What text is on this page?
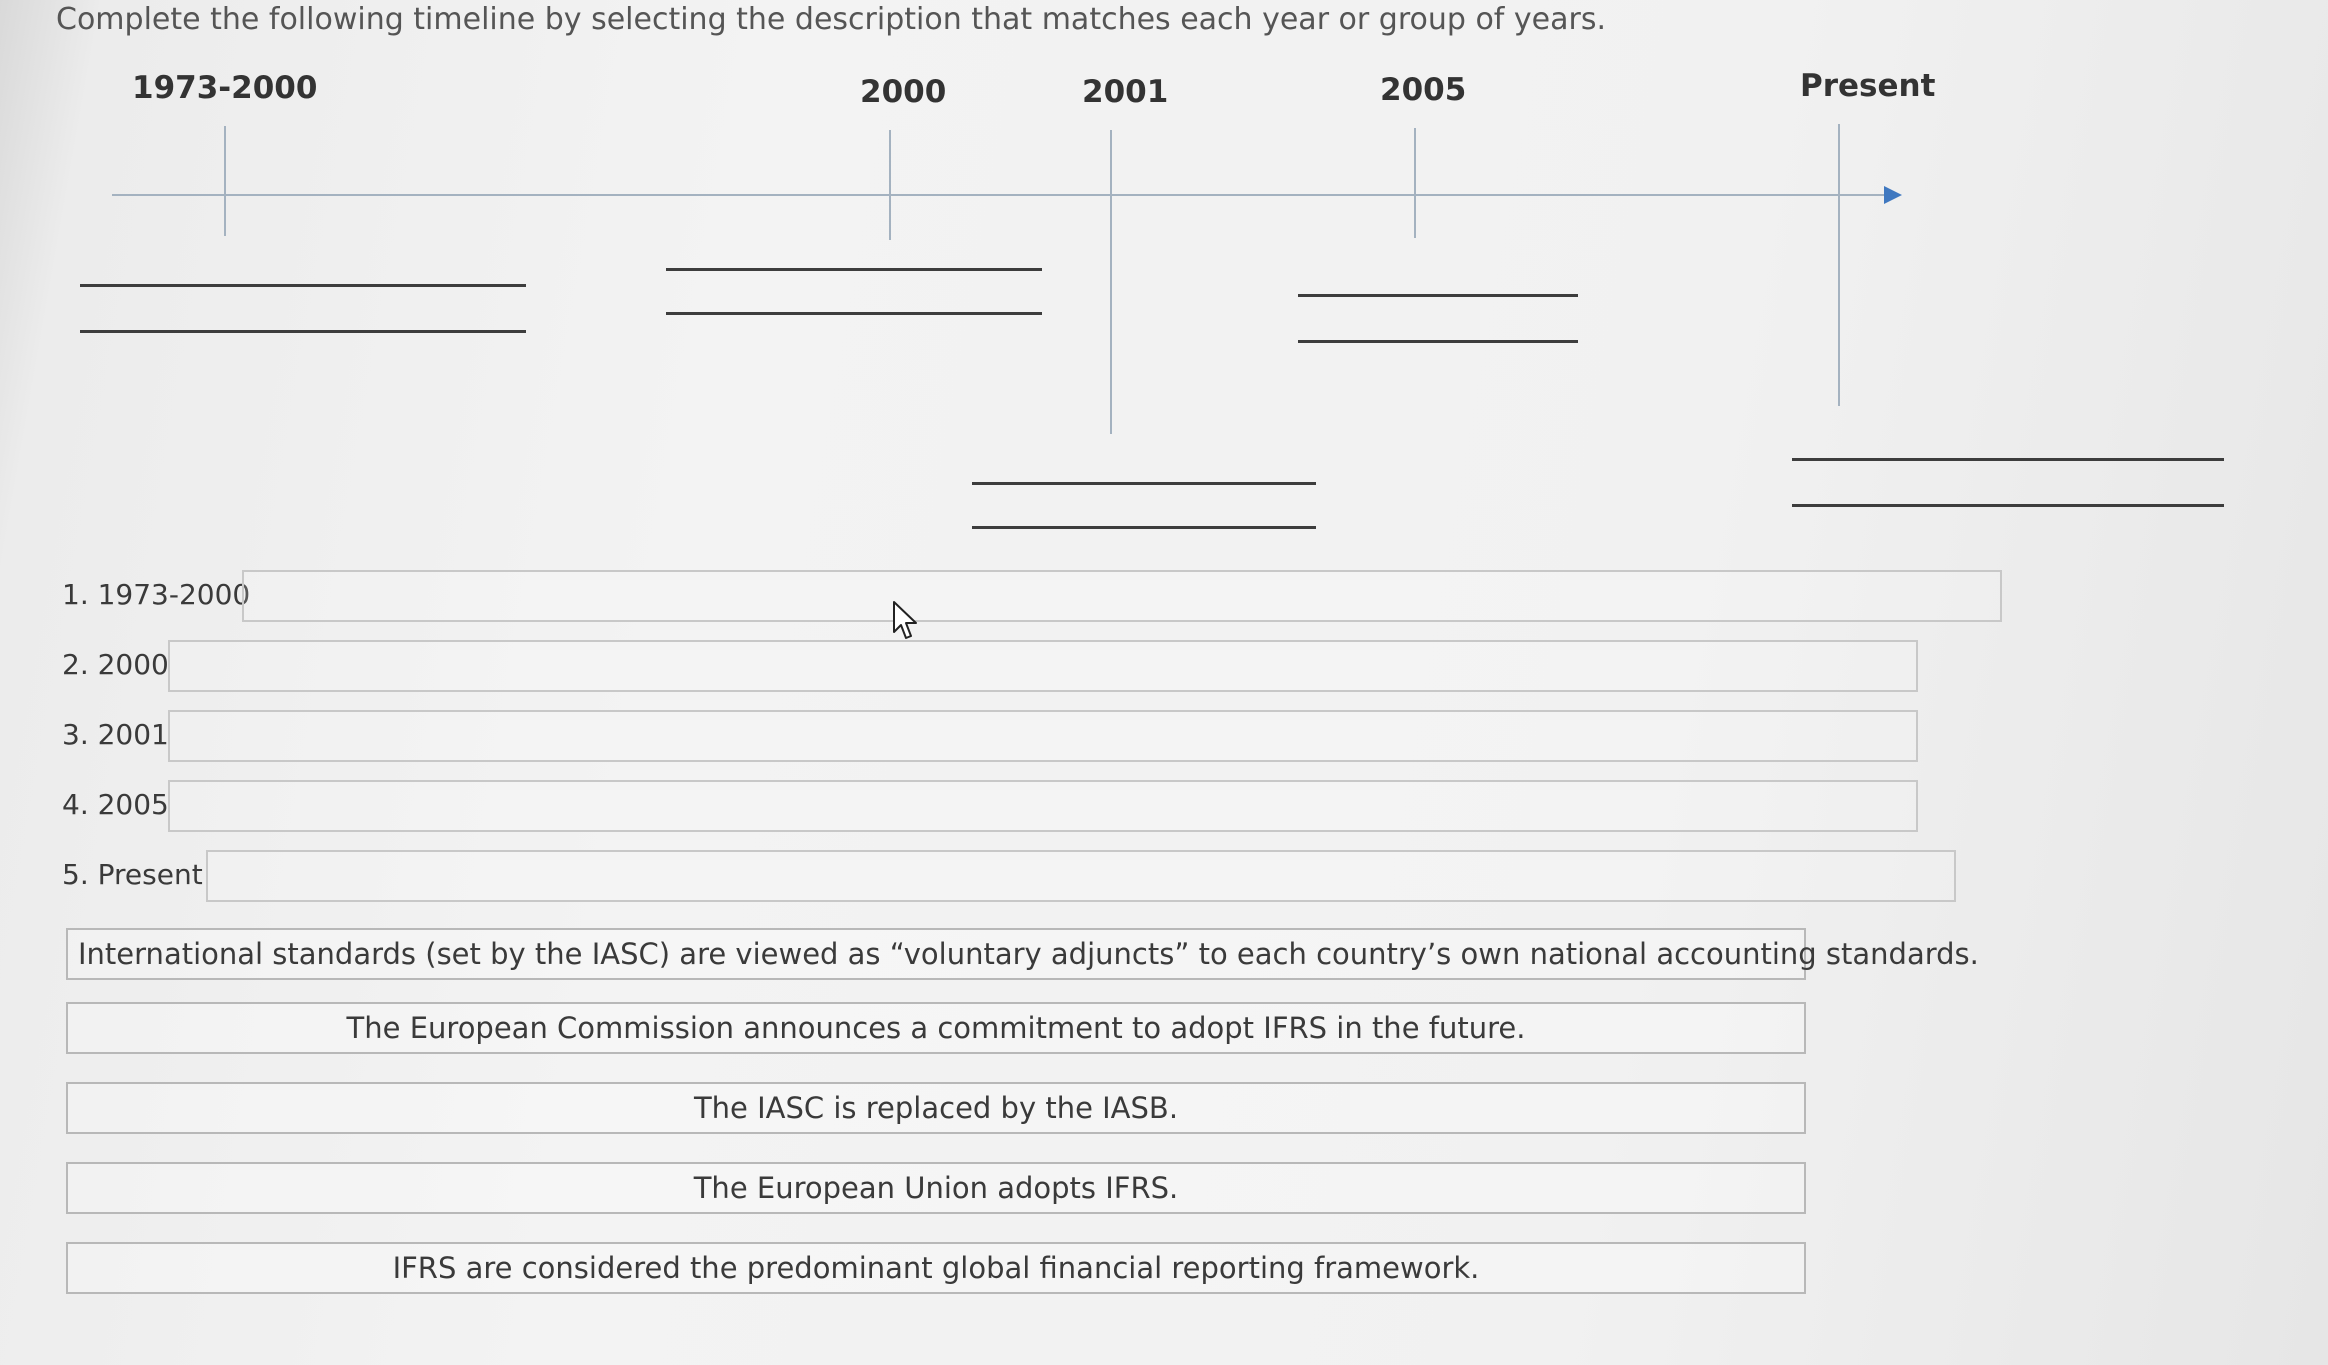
Complete the following timeline by selecting the description that matches each year or group of years.
1973-2000	2000	2001	2005	Present
1. 1973-2000
2. 2000
3. 2001
4. 2005
5. Present
International standards (set by the IASC) are viewed as “voluntary adjuncts” to each country’s own national accounting standards.
The European Commission announces a commitment to adopt IFRS in the future.
The IASC is replaced by the IASB.
The European Union adopts IFRS.
IFRS are considered the predominant global financial reporting framework.
